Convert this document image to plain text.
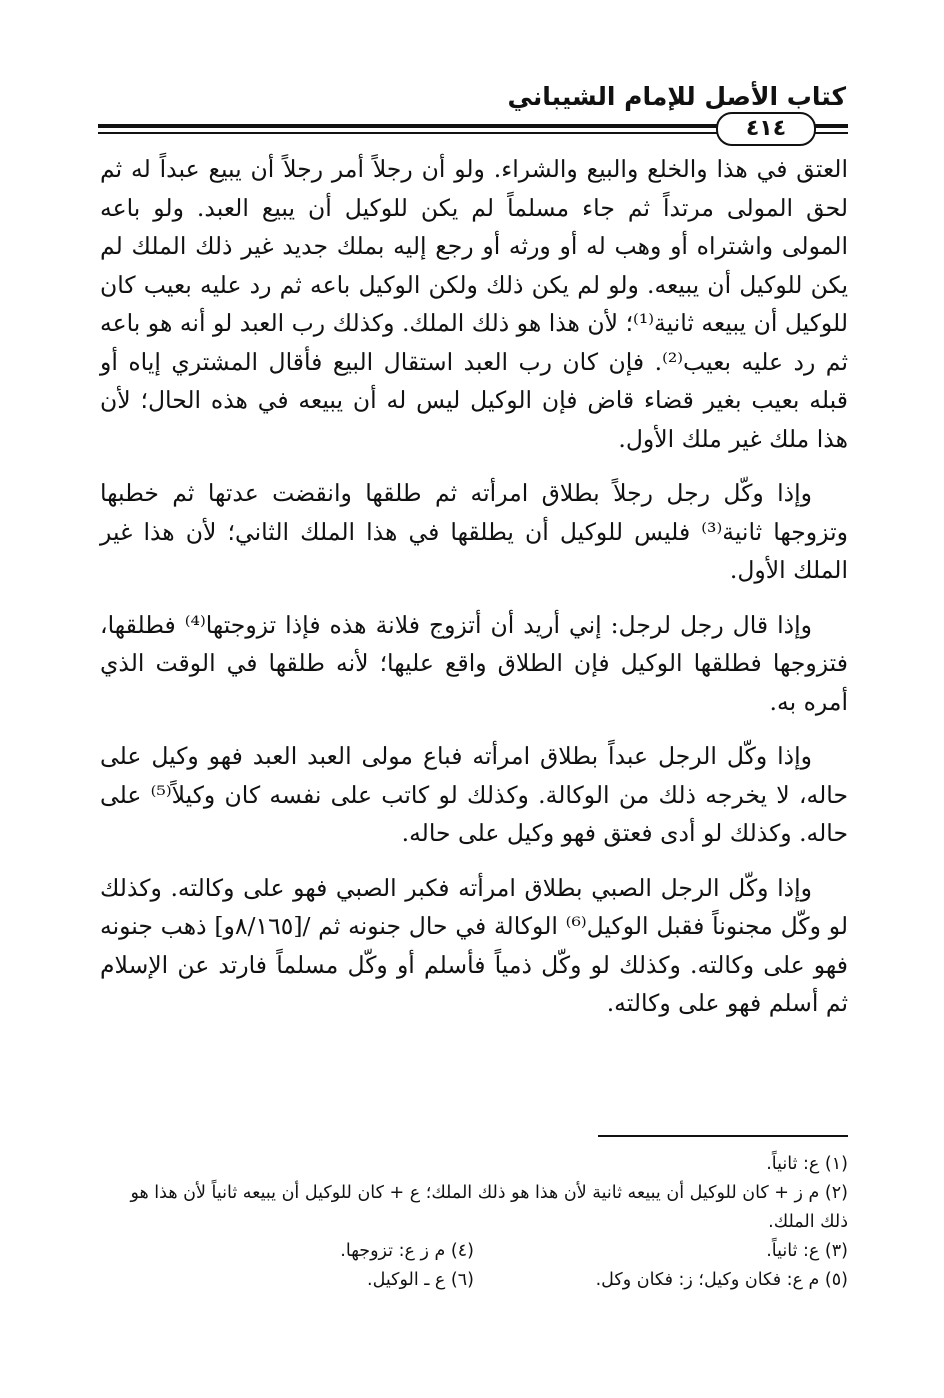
كتاب الأصل للإمام الشيباني
٤١٤

العتق في هذا والخلع والبيع والشراء. ولو أن رجلاً أمر رجلاً أن يبيع عبداً له ثم لحق المولى مرتداً ثم جاء مسلماً لم يكن للوكيل أن يبيع العبد. ولو باعه المولى واشتراه أو وهب له أو ورثه أو رجع إليه بملك جديد غير ذلك الملك لم يكن للوكيل أن يبيعه. ولو لم يكن ذلك ولكن الوكيل باعه ثم رد عليه بعيب كان للوكيل أن يبيعه ثانية⁽¹⁾؛ لأن هذا هو ذلك الملك. وكذلك رب العبد لو أنه هو باعه ثم رد عليه بعيب⁽²⁾. فإن كان رب العبد استقال البيع فأقال المشتري إياه أو قبله بعيب بغير قضاء قاض فإن الوكيل ليس له أن يبيعه في هذه الحال؛ لأن هذا ملك غير ملك الأول.

وإذا وكّل رجل رجلاً بطلاق امرأته ثم طلقها وانقضت عدتها ثم خطبها وتزوجها ثانية⁽³⁾ فليس للوكيل أن يطلقها في هذا الملك الثاني؛ لأن هذا غير الملك الأول.

وإذا قال رجل لرجل: إني أريد أن أتزوج فلانة هذه فإذا تزوجتها⁽⁴⁾ فطلقها، فتزوجها فطلقها الوكيل فإن الطلاق واقع عليها؛ لأنه طلقها في الوقت الذي أمره به.

وإذا وكّل الرجل عبداً بطلاق امرأته فباع مولى العبد العبد فهو وكيل على حاله، لا يخرجه ذلك من الوكالة. وكذلك لو كاتب على نفسه كان وكيلاً⁽⁵⁾ على حاله. وكذلك لو أدى فعتق فهو وكيل على حاله.

وإذا وكّل الرجل الصبي بطلاق امرأته فكبر الصبي فهو على وكالته. وكذلك لو وكّل مجنوناً فقبل الوكيل⁽⁶⁾ الوكالة في حال جنونه ثم /[٨/١٦٥و] ذهب جنونه فهو على وكالته. وكذلك لو وكّل ذمياً فأسلم أو وكّل مسلماً فارتد عن الإسلام ثم أسلم فهو على وكالته.

(١) ع: ثانياً.

(٢) م ز + كان للوكيل أن يبيعه ثانية لأن هذا هو ذلك الملك؛ ع + كان للوكيل أن يبيعه ثانياً لأن هذا هو ذلك الملك.

(٣) ع: ثانياً.
(٤) م ز ع: تزوجها.
(٥) م ع: فكان وكيل؛ ز: فكان وكل.
(٦) ع ـ الوكيل.
